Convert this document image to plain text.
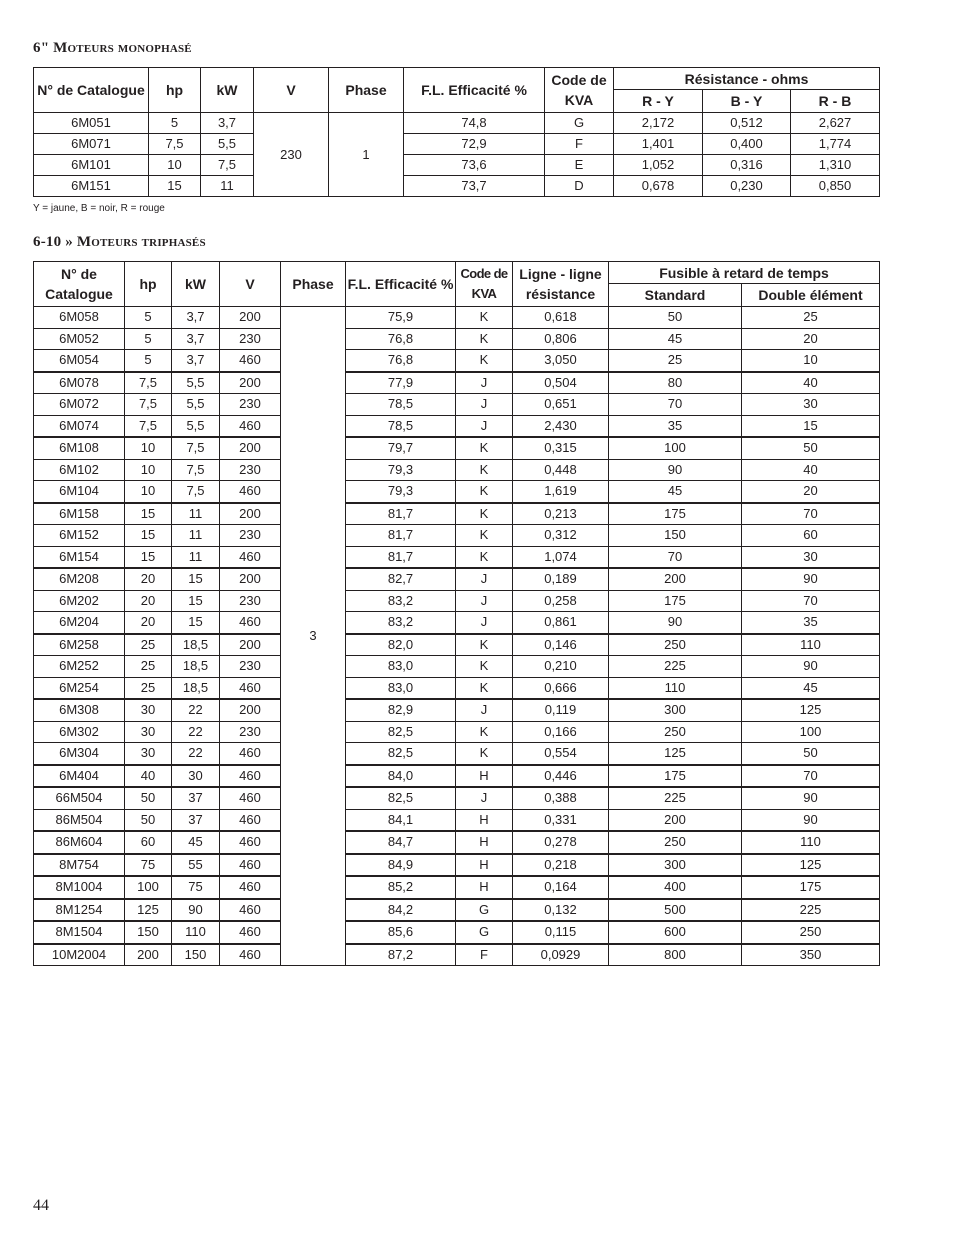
6" Moteurs monophasé
N° de Catalogue	hp	kW	V	Phase	F.L. Efficacité %	Code de KVA	Résistance - ohms		
							R - Y	B - Y	R - B
6M051	5	3,7	230	1	74,8	G	2,172	0,512	2,627
6M071	7,5	5,5			72,9	F	1,401	0,400	1,774
6M101	10	7,5			73,6	E	1,052	0,316	1,310
6M151	15	11			73,7	D	0,678	0,230	0,850
Y = jaune, B = noir, R = rouge
6-10 » Moteurs triphasés
N° de Catalogue	hp	kW	V	Phase	F.L. Efficacité %	Code de KVA	Ligne - ligne résistance	Fusible à retard de temps	
								Standard	Double élément
6M058	5	3,7	200	3	75,9	K	0,618	50	25
6M052	5	3,7	230		76,8	K	0,806	45	20
6M054	5	3,7	460		76,8	K	3,050	25	10
6M078	7,5	5,5	200		77,9	J	0,504	80	40
6M072	7,5	5,5	230		78,5	J	0,651	70	30
6M074	7,5	5,5	460		78,5	J	2,430	35	15
6M108	10	7,5	200		79,7	K	0,315	100	50
6M102	10	7,5	230		79,3	K	0,448	90	40
6M104	10	7,5	460		79,3	K	1,619	45	20
6M158	15	11	200		81,7	K	0,213	175	70
6M152	15	11	230		81,7	K	0,312	150	60
6M154	15	11	460		81,7	K	1,074	70	30
6M208	20	15	200		82,7	J	0,189	200	90
6M202	20	15	230		83,2	J	0,258	175	70
6M204	20	15	460		83,2	J	0,861	90	35
6M258	25	18,5	200		82,0	K	0,146	250	110
6M252	25	18,5	230		83,0	K	0,210	225	90
6M254	25	18,5	460		83,0	K	0,666	110	45
6M308	30	22	200		82,9	J	0,119	300	125
6M302	30	22	230		82,5	K	0,166	250	100
6M304	30	22	460		82,5	K	0,554	125	50
6M404	40	30	460		84,0	H	0,446	175	70
66M504	50	37	460		82,5	J	0,388	225	90
86M504	50	37	460		84,1	H	0,331	200	90
86M604	60	45	460		84,7	H	0,278	250	110
8M754	75	55	460		84,9	H	0,218	300	125
8M1004	100	75	460		85,2	H	0,164	400	175
8M1254	125	90	460		84,2	G	0,132	500	225
8M1504	150	110	460		85,6	G	0,115	600	250
10M2004	200	150	460		87,2	F	0,0929	800	350
44
